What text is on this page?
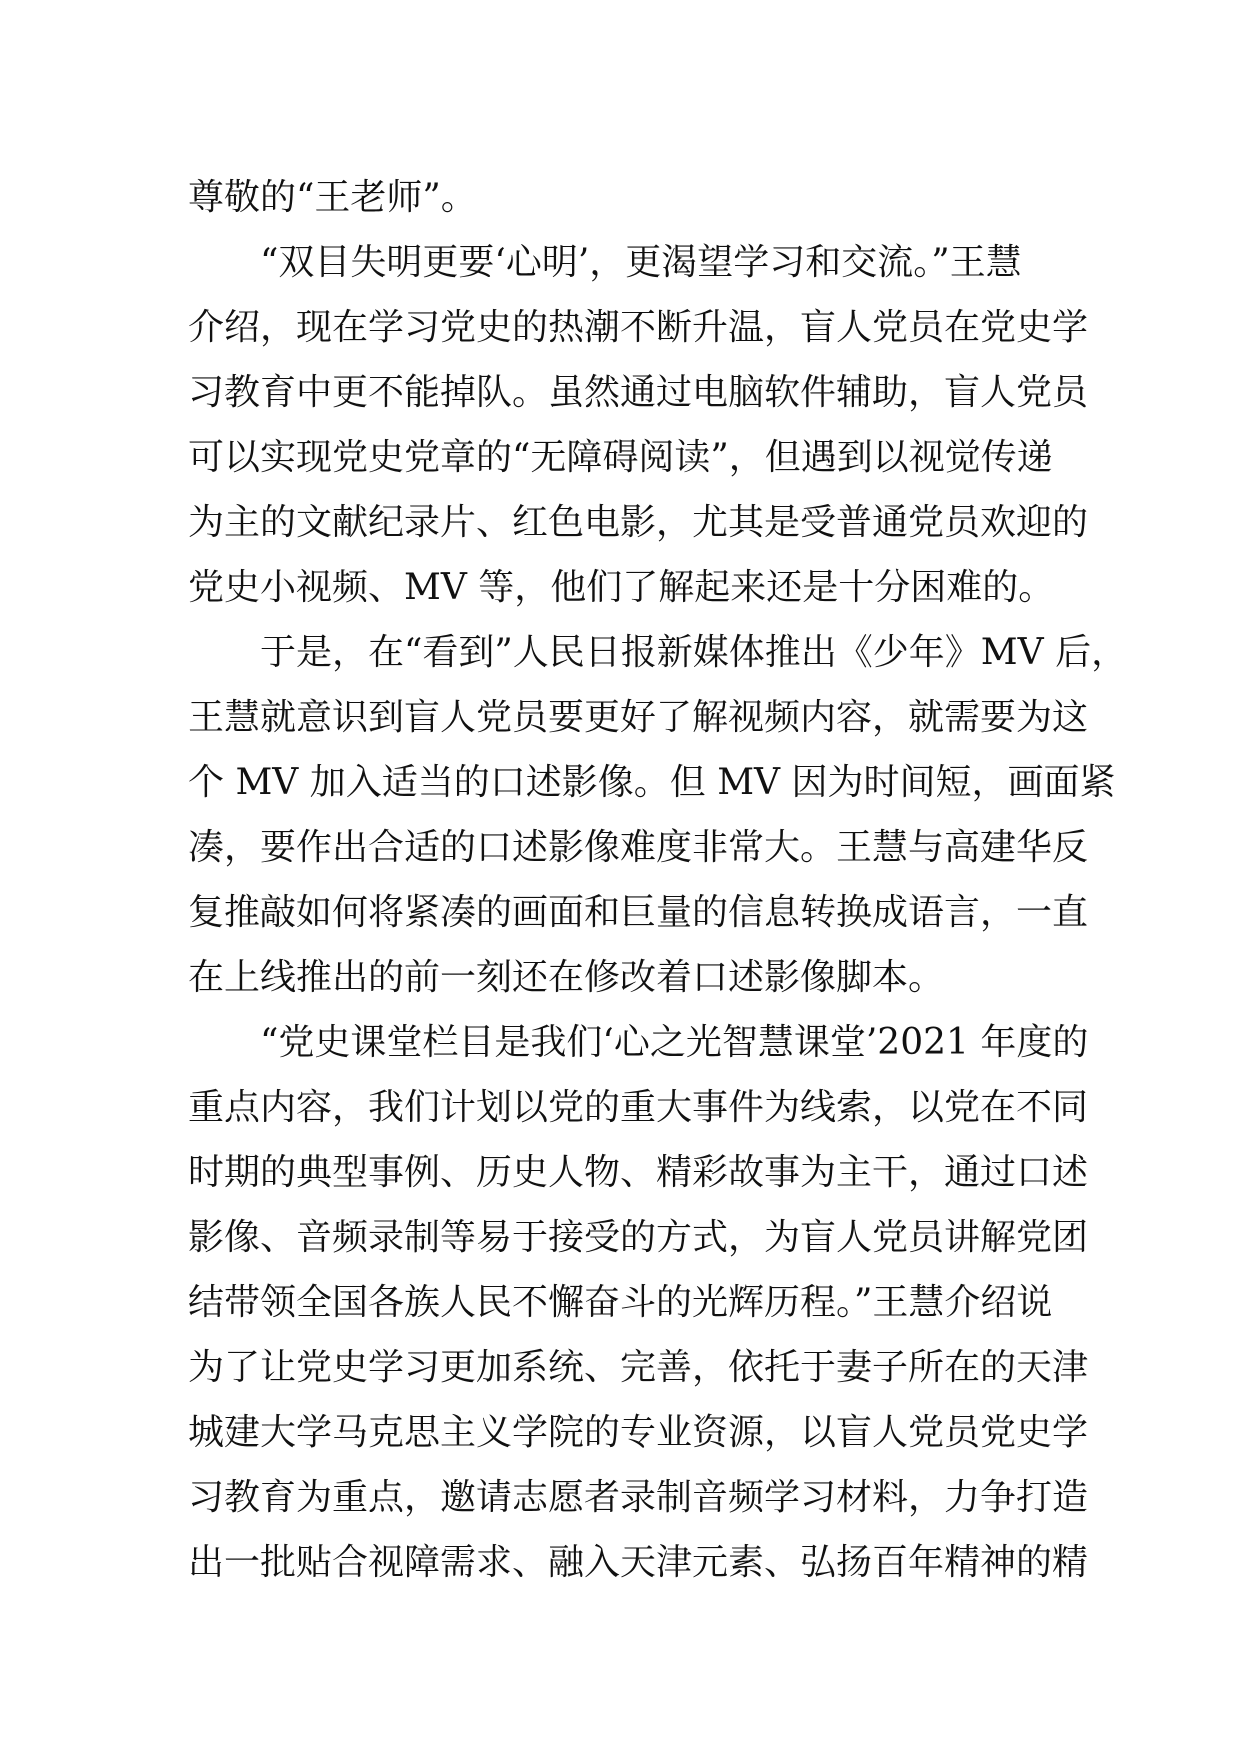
尊敬的“王老师”。
“双目失明更要‘心明’，更渴望学习和交流。”王慧
介绍，现在学习党史的热潮不断升温，盲人党员在党史学
习教育中更不能掉队。虽然通过电脑软件辅助，盲人党员
可以实现党史党章的“无障碍阅读”，但遇到以视觉传递
为主的文献纪录片、红色电影，尤其是受普通党员欢迎的
党史小视频、MV 等，他们了解起来还是十分困难的。
于是，在“看到”人民日报新媒体推出《少年》MV 后，
王慧就意识到盲人党员要更好了解视频内容，就需要为这
个 MV 加入适当的口述影像。但 MV 因为时间短，画面紧
凑，要作出合适的口述影像难度非常大。王慧与高建华反
复推敲如何将紧凑的画面和巨量的信息转换成语言，一直
在上线推出的前一刻还在修改着口述影像脚本。
“党史课堂栏目是我们‘心之光智慧课堂’2021 年度的
重点内容，我们计划以党的重大事件为线索，以党在不同
时期的典型事例、历史人物、精彩故事为主干，通过口述
影像、音频录制等易于接受的方式，为盲人党员讲解党团
结带领全国各族人民不懈奋斗的光辉历程。”王慧介绍说
为了让党史学习更加系统、完善，依托于妻子所在的天津
城建大学马克思主义学院的专业资源，以盲人党员党史学
习教育为重点，邀请志愿者录制音频学习材料，力争打造
出一批贴合视障需求、融入天津元素、弘扬百年精神的精
